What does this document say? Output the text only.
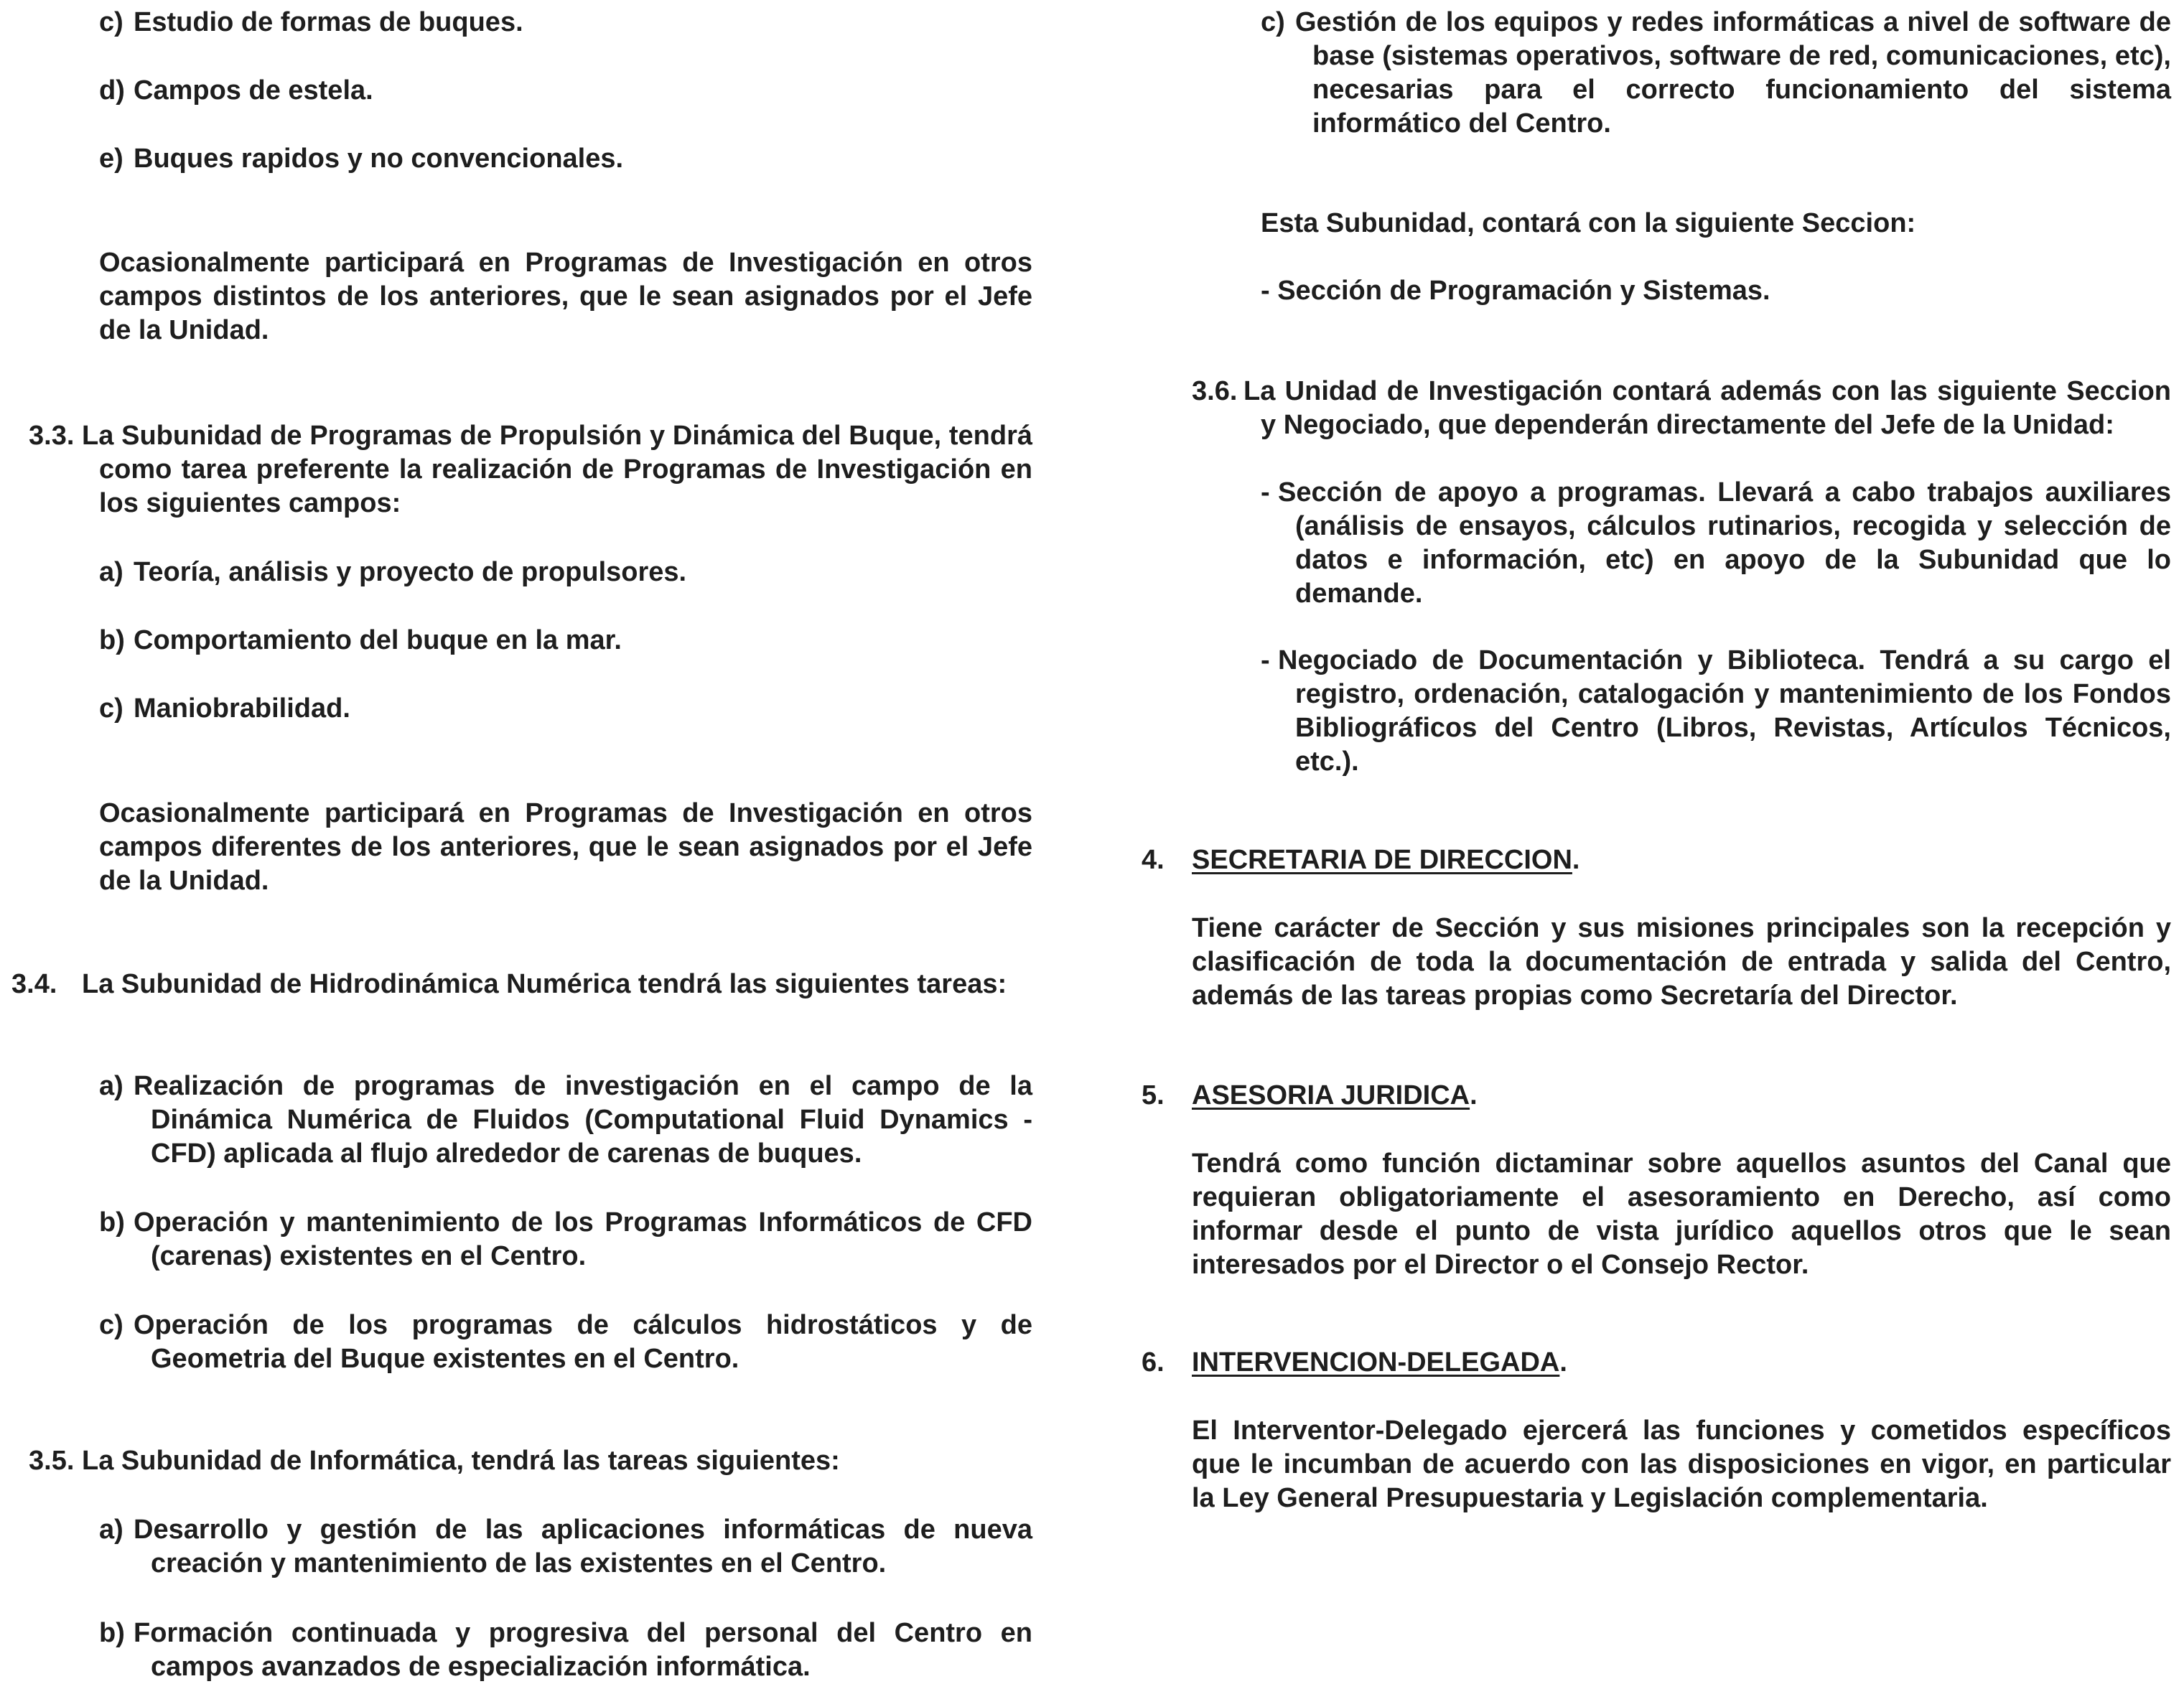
c) Estudio de formas de buques.
d) Campos de estela.
e) Buques rapidos y no convencionales.

Ocasionalmente participará en Programas de Investigación en otros campos distintos de los anteriores, que le sean asignados por el Jefe de la Unidad.

3.3. La Subunidad de Programas de Propulsión y Dinámica del Buque, tendrá como tarea preferente la realización de Programas de Investigación en los siguientes campos:

a) Teoría, análisis y proyecto de propulsores.
b) Comportamiento del buque en la mar.
c) Maniobrabilidad.

Ocasionalmente participará en Programas de Investigación en otros campos diferentes de los anteriores, que le sean asignados por el Jefe de la Unidad.

3.4. La Subunidad de Hidrodinámica Numérica tendrá las siguientes tareas:

a) Realización de programas de investigación en el campo de la Dinámica Numérica de Fluidos (Computational Fluid Dynamics - CFD) aplicada al flujo alrededor de carenas de buques.

b) Operación y mantenimiento de los Programas Informáticos de CFD (carenas) existentes en el Centro.

c) Operación de los programas de cálculos hidrostáticos y de Geometria del Buque existentes en el Centro.

3.5. La Subunidad de Informática, tendrá las tareas siguientes:
a) Desarrollo y gestión de las aplicaciones informáticas de nueva creación y mantenimiento de las existentes en el Centro.

b) Formación continuada y progresiva del personal del Centro en campos avanzados de especialización informática.

c) Gestión de los equipos y redes informáticas a nivel de software de base (sistemas operativos, software de red, comunicaciones, etc), necesarias para el correcto funcionamiento del sistema informático del Centro.

Esta Subunidad, contará con la siguiente Seccion:
- Sección de Programación y Sistemas.
3.6. La Unidad de Investigación contará además con las siguiente Seccion y Negociado, que dependerán directamente del Jefe de la Unidad:

- Sección de apoyo a programas. Llevará a cabo trabajos auxiliares (análisis de ensayos, cálculos rutinarios, recogida y selección de datos e información, etc) en apoyo de la Subunidad que lo demande.

- Negociado de Documentación y Biblioteca. Tendrá a su cargo el registro, ordenación, catalogación y mantenimiento de los Fondos Bibliográficos del Centro (Libros, Revistas, Artículos Técnicos, etc.).

4. SECRETARIA DE DIRECCION.

Tiene carácter de Sección y sus misiones principales son la recepción y clasificación de toda la documentación de entrada y salida del Centro, además de las tareas propias como Secretaría del Director.

5. ASESORIA JURIDICA.

Tendrá como función dictaminar sobre aquellos asuntos del Canal que requieran obligatoriamente el asesoramiento en Derecho, así como informar desde el punto de vista jurídico aquellos otros que le sean interesados por el Director o el Consejo Rector.

6. INTERVENCION-DELEGADA.

El Interventor-Delegado ejercerá las funciones y cometidos específicos que le incumban de acuerdo con las disposiciones en vigor, en particular la Ley General Presupuestaria y Legislación complementaria.
